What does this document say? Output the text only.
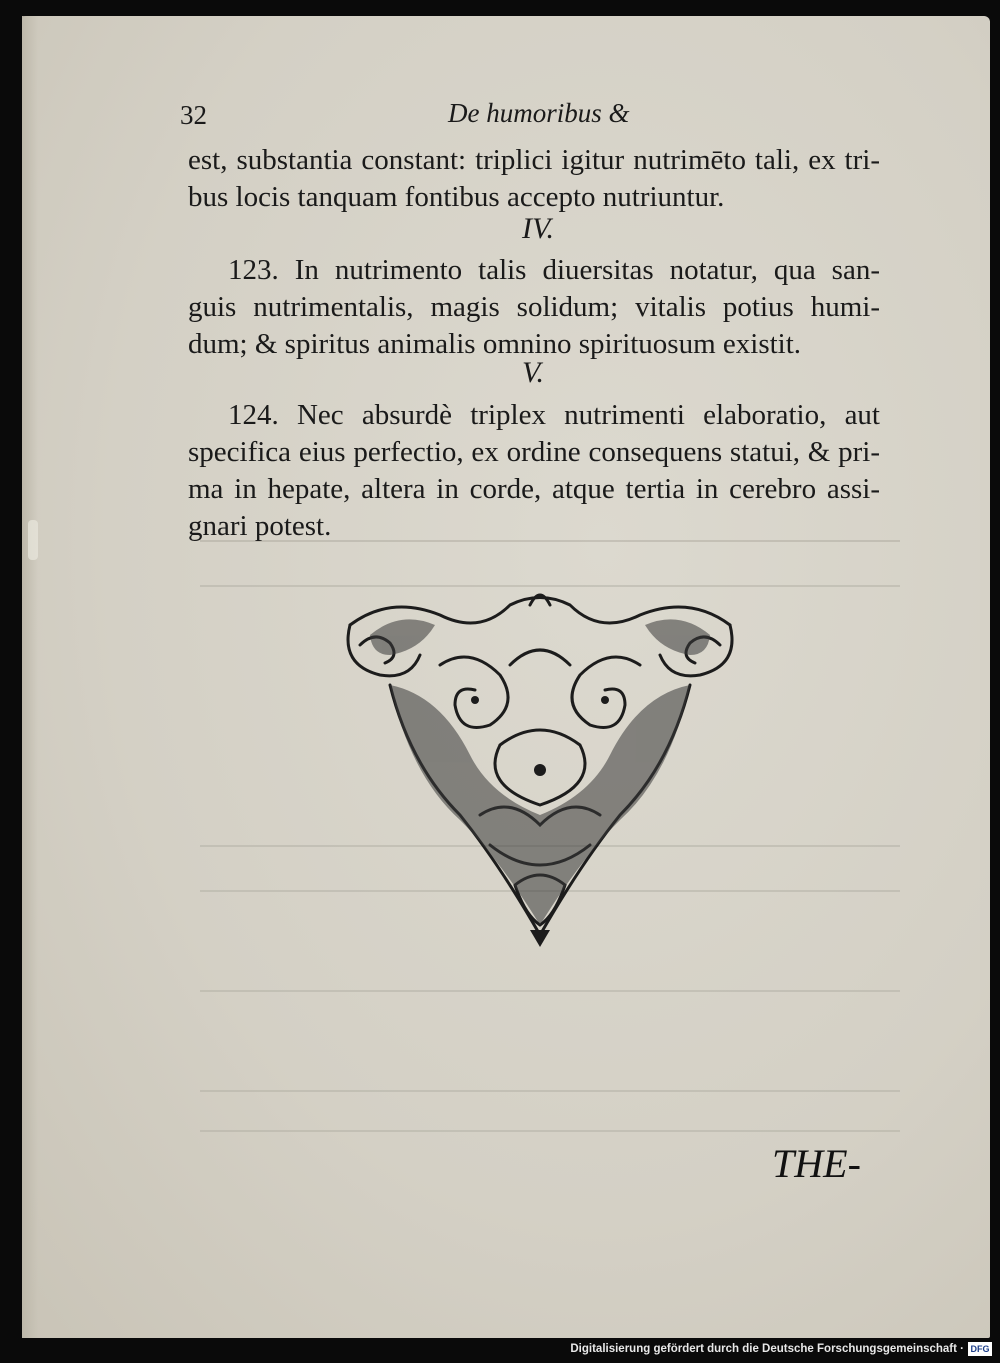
32	De humoribus &
est, substantia constant: triplici igitur nutrimēto tali, ex tri-
bus locis tanquam fontibus accepto nutriuntur.
IV.
123. In nutrimento talis diuersitas notatur, qua san-
guis nutrimentalis, magis solidum; vitalis potius humi-
dum; & spiritus animalis omnino spirituosum existit.
V.
124. Nec absurdè triplex nutrimenti elaboratio, aut
specifica eius perfectio, ex ordine consequens statui, & pri-
ma in hepate, altera in corde, atque tertia in cerebro assi-
gnari potest.
THE-
Digitalisierung gefördert durch die Deutsche Forschungsgemeinschaft · DFG
